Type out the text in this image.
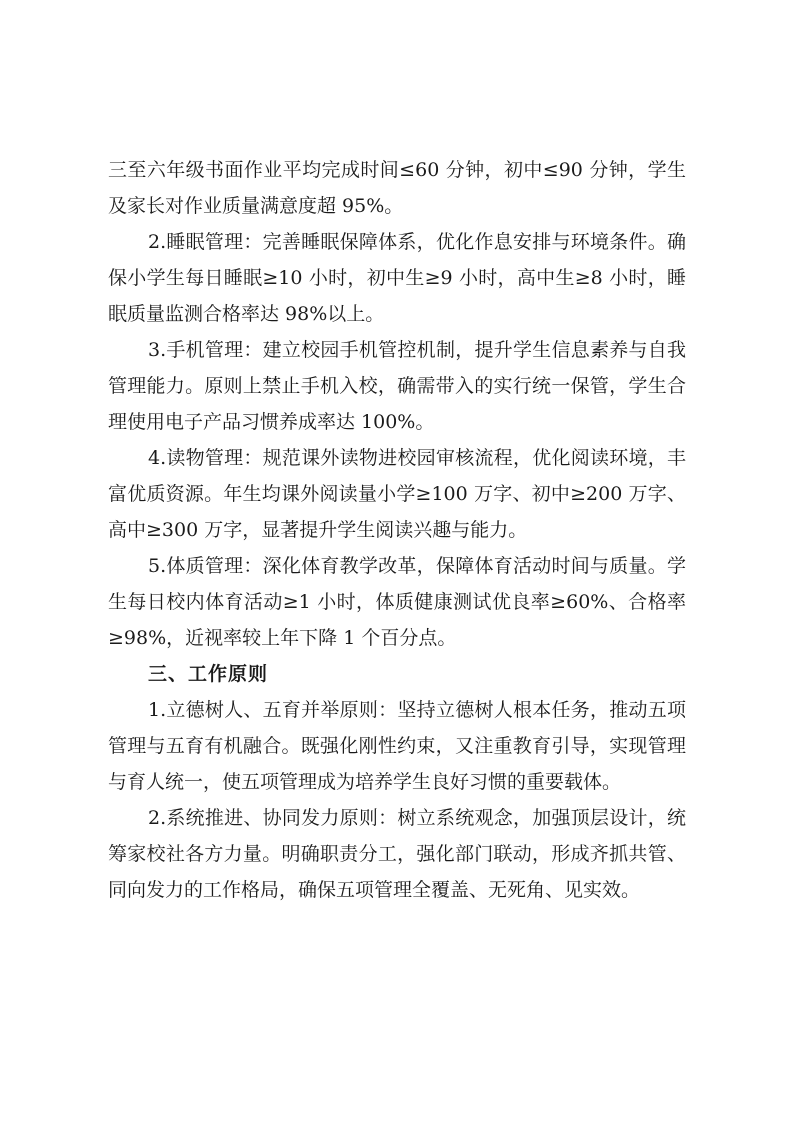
三至六年级书面作业平均完成时间≤60 分钟，初中≤90 分钟，学生及家长对作业质量满意度超 95%。

2.睡眠管理：完善睡眠保障体系，优化作息安排与环境条件。确保小学生每日睡眠≥10 小时，初中生≥9 小时，高中生≥8 小时，睡眠质量监测合格率达 98%以上。

3.手机管理：建立校园手机管控机制，提升学生信息素养与自我管理能力。原则上禁止手机入校，确需带入的实行统一保管，学生合理使用电子产品习惯养成率达 100%。

4.读物管理：规范课外读物进校园审核流程，优化阅读环境，丰富优质资源。年生均课外阅读量小学≥100 万字、初中≥200 万字、高中≥300 万字，显著提升学生阅读兴趣与能力。

5.体质管理：深化体育教学改革，保障体育活动时间与质量。学生每日校内体育活动≥1 小时，体质健康测试优良率≥60%、合格率≥98%，近视率较上年下降 1 个百分点。

三、工作原则

1.立德树人、五育并举原则：坚持立德树人根本任务，推动五项管理与五育有机融合。既强化刚性约束，又注重教育引导，实现管理与育人统一，使五项管理成为培养学生良好习惯的重要载体。

2.系统推进、协同发力原则：树立系统观念，加强顶层设计，统筹家校社各方力量。明确职责分工，强化部门联动，形成齐抓共管、同向发力的工作格局，确保五项管理全覆盖、无死角、见实效。
